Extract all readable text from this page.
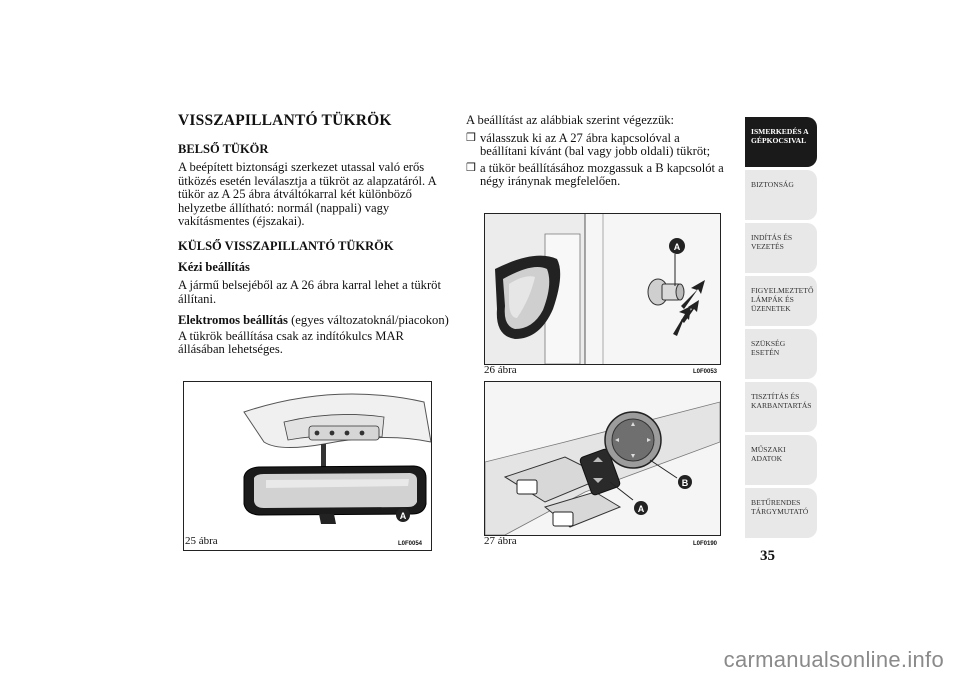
VISSZAPILLANTÓ TÜKRÖK
BELSŐ TÜKÖR
A beépített biztonsági szerkezet utassal való erős ütközés esetén leválasztja a tükröt az alapzatáról. A tükör az A 25 ábra átváltókarral két különböző helyzetbe állítható: normál (nappali) vagy vakításmentes (éjszakai).
KÜLSŐ VISSZAPILLANTÓ TÜKRÖK
Kézi beállítás
A jármű belsejéből az A 26 ábra karral lehet a tükröt állítani.
Elektromos beállítás (egyes változatoknál/piacokon)
A tükrök beállítása csak az indítókulcs MAR állásában lehetséges.
A beállítást az alábbiak szerint végezzük:
❒ válasszuk ki az A 27 ábra kapcsolóval a beállítani kívánt (bal vagy jobb oldali) tükröt;
❒ a tükör beállításához mozgassuk a B kapcsolót a négy iránynak megfelelően.
A
25 ábra	L0F0054
A
26 ábra	L0F0053
B
A
27 ábra	L0F0190
ISMERKEDÉS A GÉPKOCSIVAL
BIZTONSÁG
INDÍTÁS ÉS VEZETÉS
FIGYELMEZTETŐ LÁMPÁK ÉS ÜZENETEK
SZÜKSÉG ESETÉN
TISZTÍTÁS ÉS KARBANTARTÁS
MŰSZAKI ADATOK
BETŰRENDES TÁRGYMUTATÓ
35
carmanualsonline.info
